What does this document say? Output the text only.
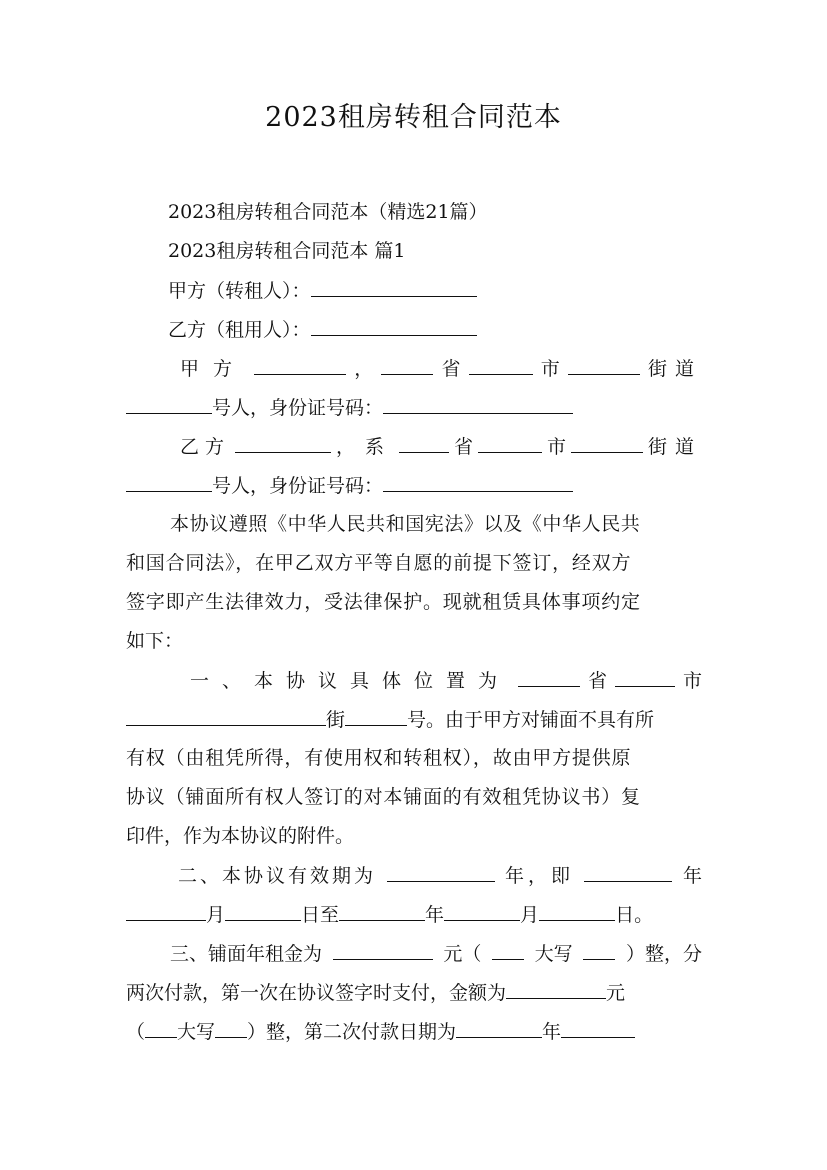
2023租房转租合同范本
2023租房转租合同范本（精选21篇）
2023租房转租合同范本 篇1
甲方（转租人）：
乙方（租用人）：
甲方	，	省	市	街道
号人，身份证号码：
乙方	，系	省	市	街道
号人，身份证号码：
本协议遵照《中华人民共和国宪法》以及《中华人民共
和国合同法》，在甲乙双方平等自愿的前提下签订，经双方
签字即产生法律效力，受法律保护。现就租赁具体事项约定
如下：
一、本协议具体位置为	省	市
街	号。由于甲方对铺面不具有所
有权（由租凭所得，有使用权和转租权），故由甲方提供原
协议（铺面所有权人签订的对本铺面的有效租凭协议书）复
印件，作为本协议的附件。
二、本协议有效期为	年，即	年
月	日至	年	月	日。
三、铺面年租金为	元（	大写	）整，分
两次付款，第一次在协议签字时支付，金额为	元
（ 大写 ）整，第二次付款日期为	年
